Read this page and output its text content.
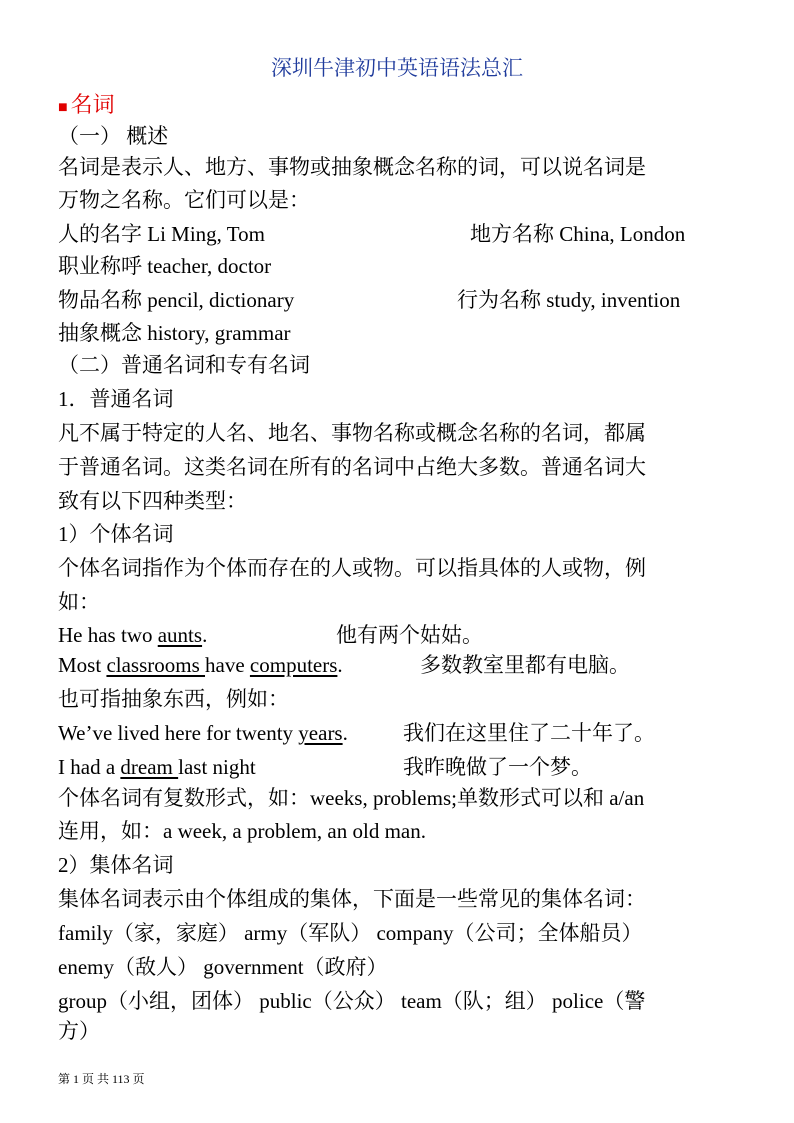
深圳牛津初中英语语法总汇
■ 名词
（一） 概述
名词是表示人、地方、事物或抽象概念名称的词，可以说名词是
万物之名称。它们可以是：
人的名字 Li Ming, Tom	地方名称 China, London
职业称呼 teacher, doctor
物品名称 pencil, dictionary	行为名称 study, invention
抽象概念 history, grammar
（二）普通名词和专有名词
1．普通名词
凡不属于特定的人名、地名、事物名称或概念名称的名词，都属
于普通名词。这类名词在所有的名词中占绝大多数。普通名词大
致有以下四种类型：
1）个体名词
个体名词指作为个体而存在的人或物。可以指具体的人或物，例
如：
He has two aunts.	他有两个姑姑。
Most classrooms have computers.	多数教室里都有电脑。
也可指抽象东西，例如：
We’ve lived here for twenty years.	我们在这里住了二十年了。
I had a dream last night	我昨晚做了一个梦。
个体名词有复数形式，如：weeks, problems;单数形式可以和 a/an
连用，如：a week, a problem, an old man.
2）集体名词
集体名词表示由个体组成的集体，下面是一些常见的集体名词：
family（家，家庭） army（军队） company（公司；全体船员）
enemy（敌人） government（政府）
group（小组，团体） public（公众） team（队；组） police（警
方）
第 1 页 共 113 页
